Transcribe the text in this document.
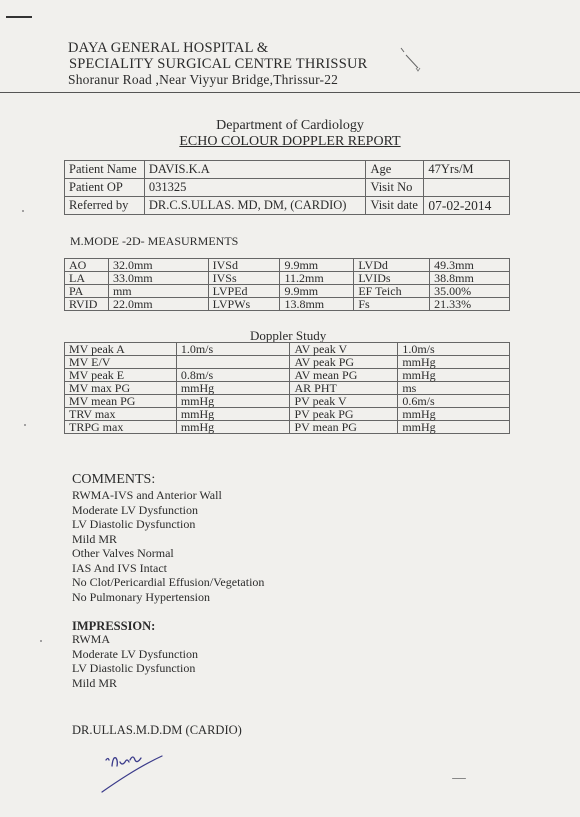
DAYA GENERAL HOSPITAL &
SPECIALITY SURGICAL CENTRE THRISSUR
Shoranur Road ,Near Viyyur Bridge,Thrissur-22
Department of Cardiology
ECHO COLOUR DOPPLER REPORT
Patient Name	DAVIS.K.A	Age	47Yrs/M
Patient OP	031325	Visit No	
Referred by	DR.C.S.ULLAS. MD, DM, (CARDIO)	Visit date	07-02-2014
M.MODE -2D- MEASURMENTS
AO	32.0mm	IVSd	9.9mm	LVDd	49.3mm
LA	33.0mm	IVSs	11.2mm	LVIDs	38.8mm
PA	mm	LVPEd	9.9mm	EF Teich	35.00%
RVID	22.0mm	LVPWs	13.8mm	Fs	21.33%
Doppler Study
MV peak A	1.0m/s	AV peak V	1.0m/s
MV E/V		AV peak PG	mmHg
MV peak E	0.8m/s	AV mean PG	mmHg
MV max PG	mmHg	AR PHT	ms
MV mean PG	mmHg	PV peak V	0.6m/s
TRV max	mmHg	PV peak PG	mmHg
TRPG max	mmHg	PV mean PG	mmHg
COMMENTS:
RWMA-IVS and Anterior Wall
Moderate LV Dysfunction
LV Diastolic Dysfunction
Mild MR
Other Valves Normal
IAS And IVS Intact
No Clot/Pericardial Effusion/Vegetation
No Pulmonary Hypertension
IMPRESSION:
RWMA
Moderate LV Dysfunction
LV Diastolic Dysfunction
Mild MR
DR.ULLAS.M.D.DM (CARDIO)
